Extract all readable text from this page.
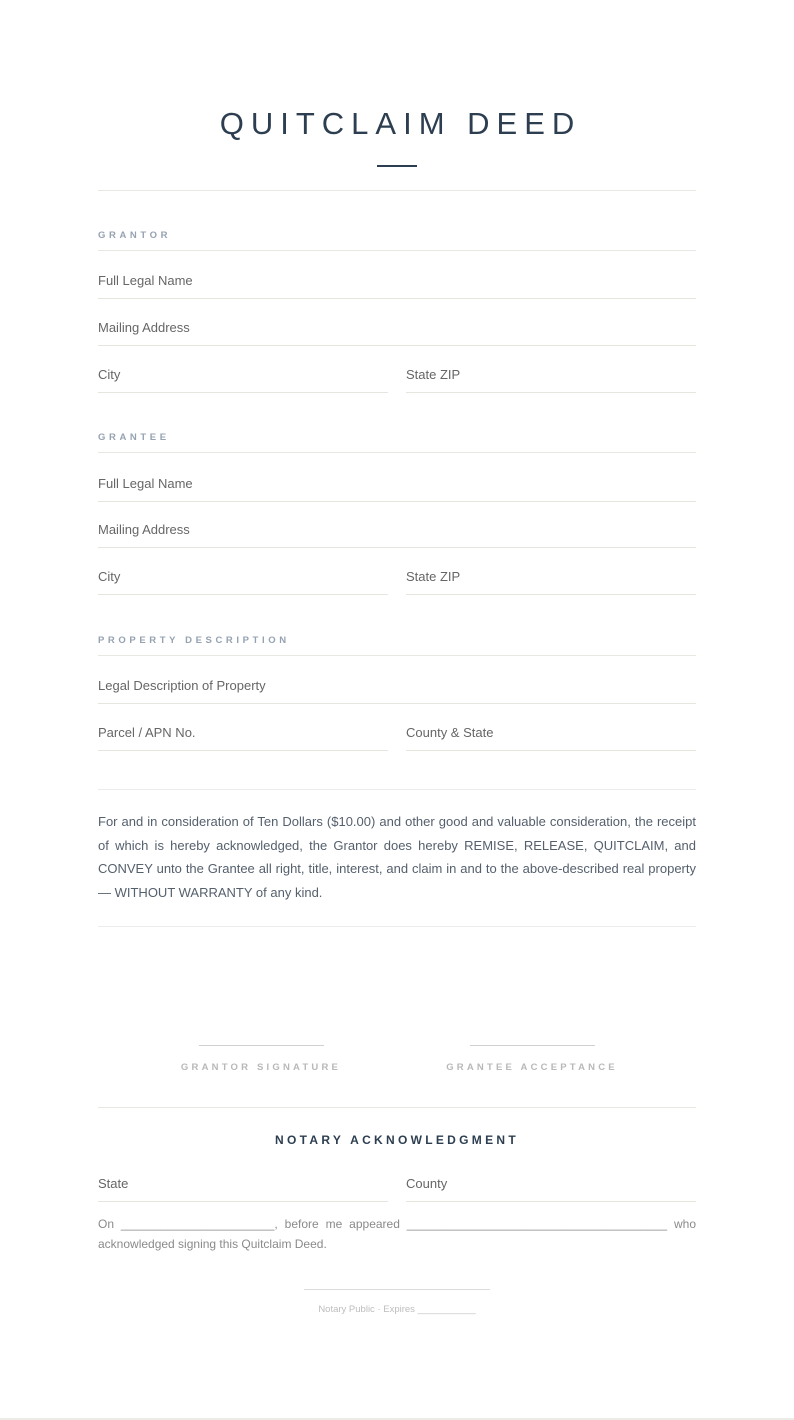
QUITCLAIM DEED
GRANTOR
Full Legal Name
Mailing Address
City	State ZIP
GRANTEE
Full Legal Name
Mailing Address
City	State ZIP
PROPERTY DESCRIPTION
Legal Description of Property
Parcel / APN No.	County & State
For and in consideration of Ten Dollars ($10.00) and other good and valuable consideration, the receipt of which is hereby acknowledged, the Grantor does hereby REMISE, RELEASE, QUITCLAIM, and CONVEY unto the Grantee all right, title, interest, and claim in and to the above-described real property — WITHOUT WARRANTY of any kind.
GRANTOR SIGNATURE	GRANTEE ACCEPTANCE
NOTARY ACKNOWLEDGMENT
State	County
On _______________________, before me appeared _______________________________________ who acknowledged signing this Quitclaim Deed.
Notary Public · Expires ___________
